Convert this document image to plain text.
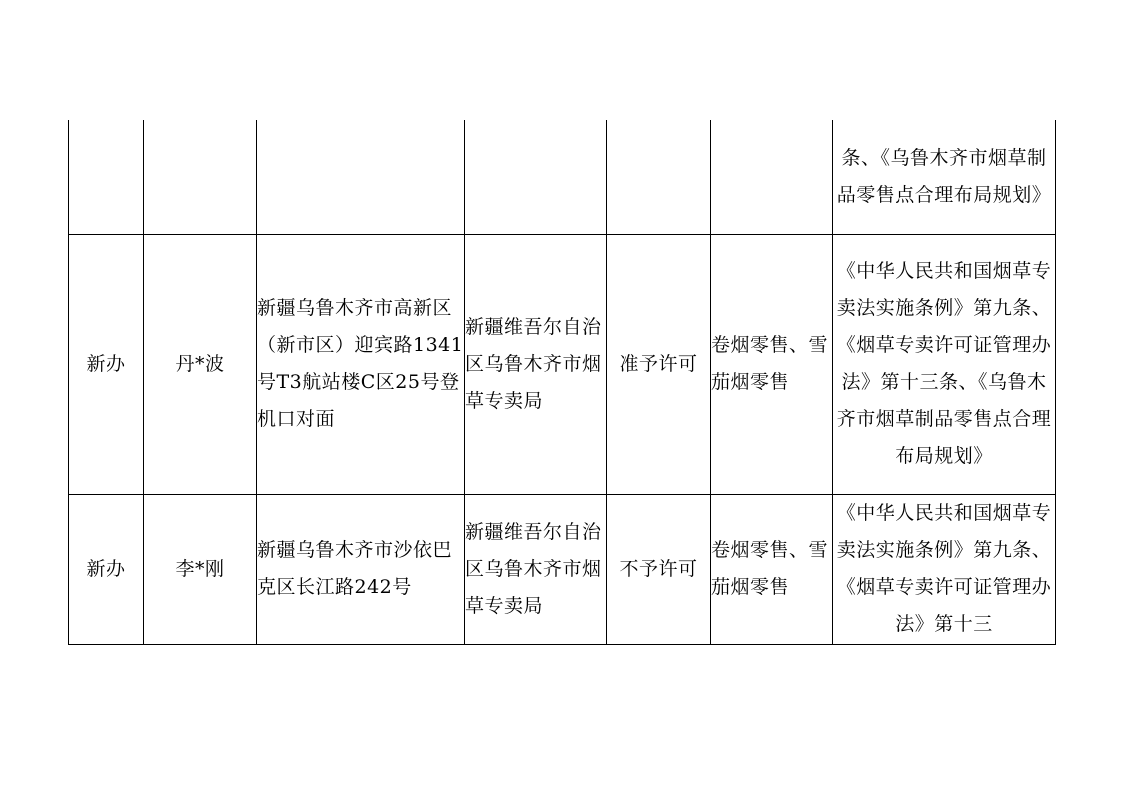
						条、《乌鲁木齐市烟草制品零售点合理布局规划》
新办	丹*波	新疆乌鲁木齐市高新区（新市区）迎宾路1341号T3航站楼C区25号登机口对面	新疆维吾尔自治区乌鲁木齐市烟草专卖局	准予许可	卷烟零售、雪茄烟零售	《中华人民共和国烟草专卖法实施条例》第九条、《烟草专卖许可证管理办法》第十三条、《乌鲁木齐市烟草制品零售点合理布局规划》
新办	李*刚	新疆乌鲁木齐市沙依巴克区长江路242号	新疆维吾尔自治区乌鲁木齐市烟草专卖局	不予许可	卷烟零售、雪茄烟零售	《中华人民共和国烟草专卖法实施条例》第九条、《烟草专卖许可证管理办法》第十三
